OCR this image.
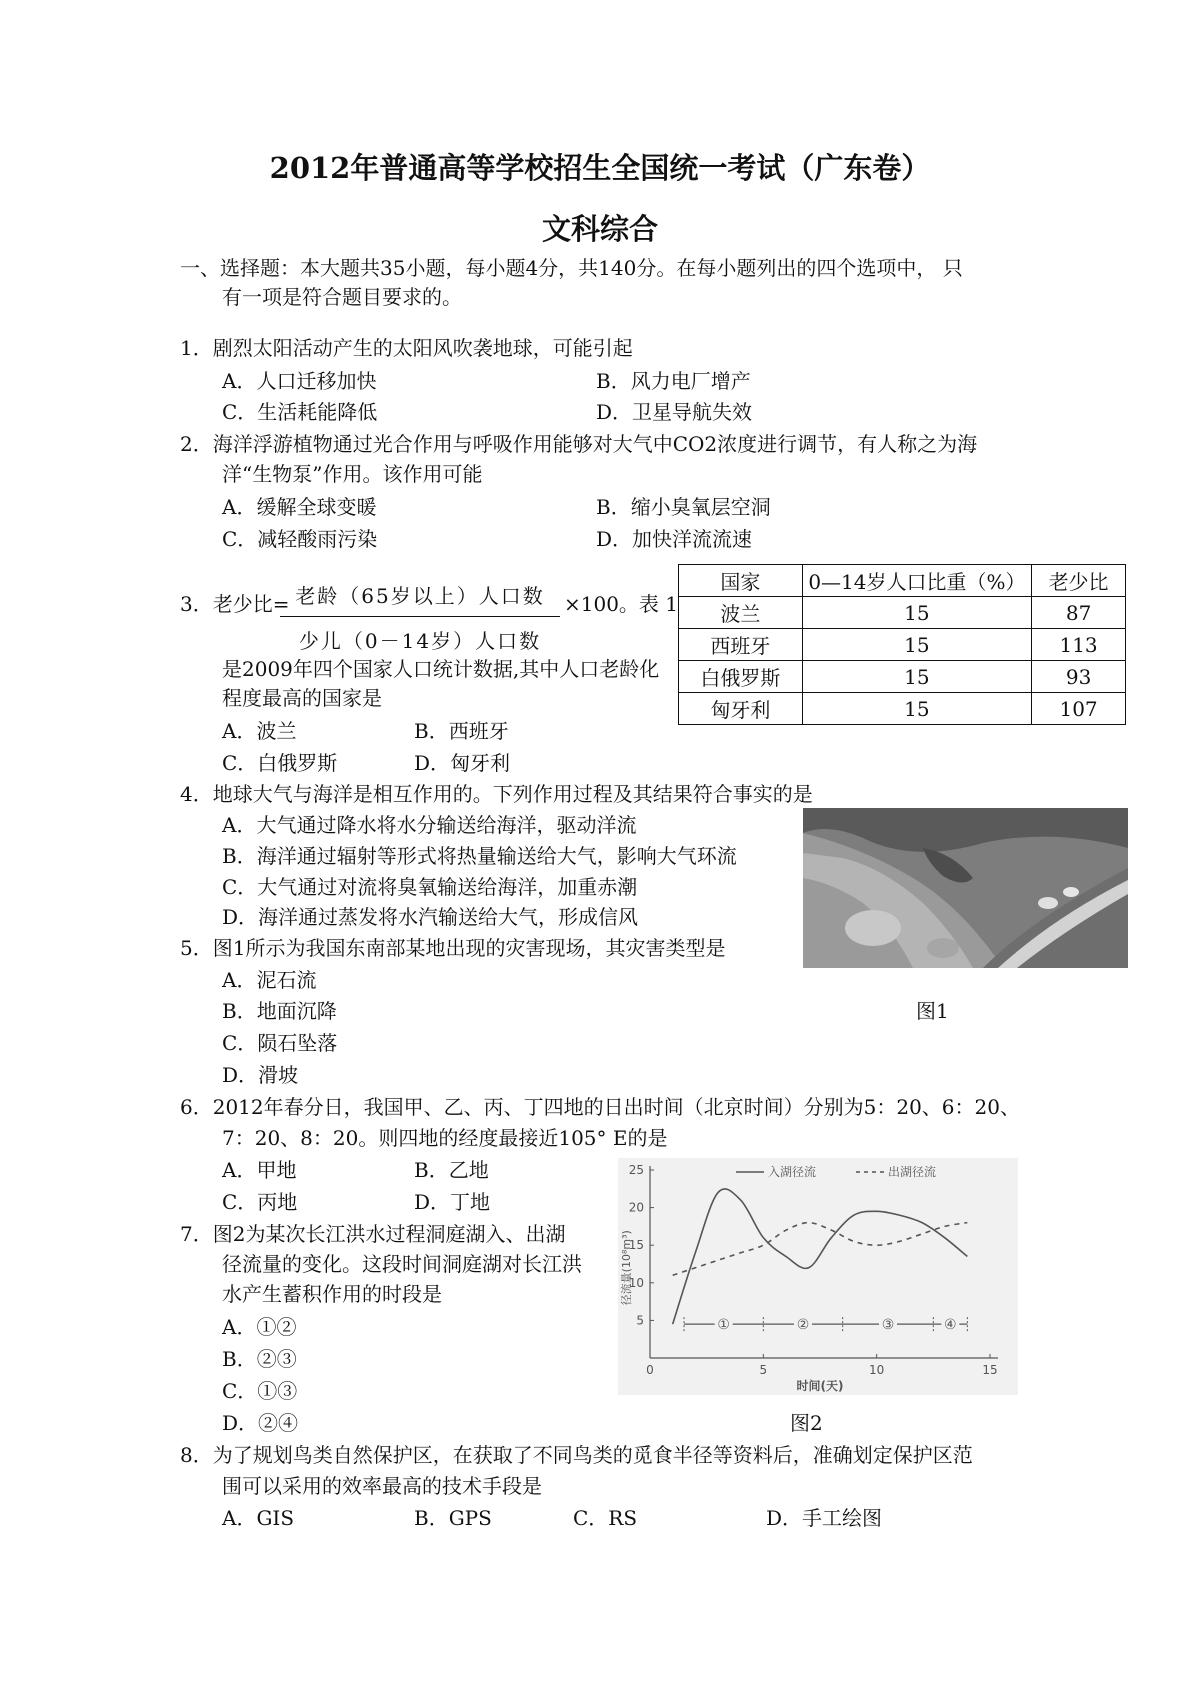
2012年普通高等学校招生全国统一考试（广东卷）
文科综合
一、选择题：本大题共35小题，每小题4分，共140分。在每小题列出的四个选项中， 只
有一项是符合题目要求的。
1．剧烈太阳活动产生的太阳风吹袭地球，可能引起
A．人口迁移加快	B．风力电厂增产
C．生活耗能降低	D．卫星导航失效
2．海洋浮游植物通过光合作用与呼吸作用能够对大气中CO2浓度进行调节，有人称之为海
洋“生物泵”作用。该作用可能
A．缓解全球变暖	B．缩小臭氧层空洞
C．减轻酸雨污染	D．加快洋流流速
3．老少比= 老龄（65岁以上）人口数
少儿（0－14岁）人口数
×100。表 1
是2009年四个国家人口统计数据,其中人口老龄化
程度最高的国家是
A．波兰	B．西班牙
C．白俄罗斯	D．匈牙利
国家	0—14岁人口比重（%）	老少比
波兰	15	87
西班牙	15	113
白俄罗斯	15	93
匈牙利	15	107
4．地球大气与海洋是相互作用的。下列作用过程及其结果符合事实的是
A．大气通过降水将水分输送给海洋，驱动洋流
B．海洋通过辐射等形式将热量输送给大气，影响大气环流
C．大气通过对流将臭氧输送给海洋，加重赤潮
D．海洋通过蒸发将水汽输送给大气，形成信风
5．图1所示为我国东南部某地出现的灾害现场，其灾害类型是
A．泥石流
B．地面沉降	图1
C．陨石坠落
D．滑坡
6．2012年春分日，我国甲、乙、丙、丁四地的日出时间（北京时间）分别为5：20、6：20、
7：20、8：20。则四地的经度最接近105° E的是
A．甲地	B．乙地
C．丙地	D．丁地
7．图2为某次长江洪水过程洞庭湖入、出湖
径流量的变化。这段时间洞庭湖对长江洪
水产生蓄积作用的时段是
A．①②
B．②③
C．①③
D．②④	图2
0	5	10	15
5
10
15
20
25
时间(天)
径流量(10⁸m³)
入湖径流	出湖径流
①	②	③	④
8．为了规划鸟类自然保护区，在获取了不同鸟类的觅食半径等资料后，准确划定保护区范
围可以采用的效率最高的技术手段是
A．GIS	B．GPS	C．RS	D．手工绘图
